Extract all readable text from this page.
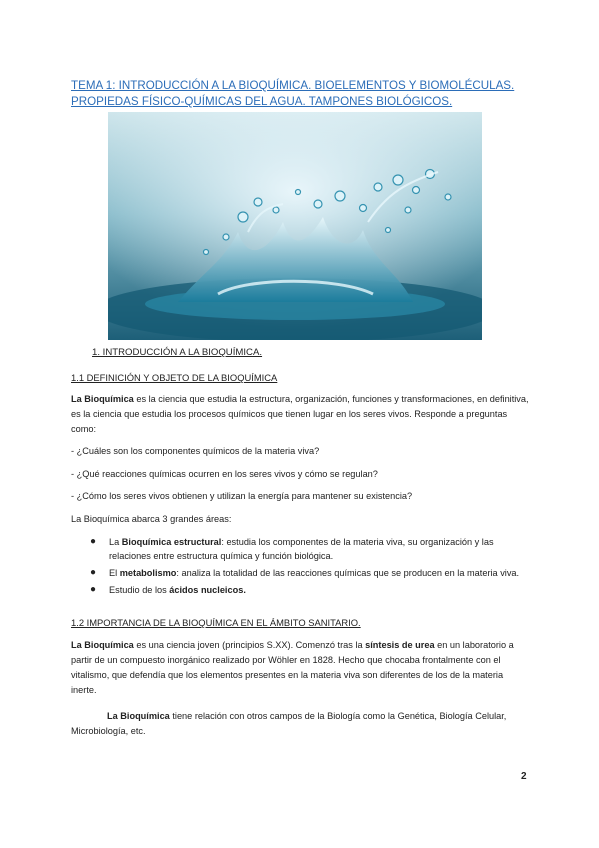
TEMA 1: INTRODUCCIÓN A LA BIOQUÍMICA. BIOELEMENTOS Y BIOMOLÉCULAS. PROPIEDAS FÍSICO-QUÍMICAS DEL AGUA. TAMPONES BIOLÓGICOS.
1. INTRODUCCIÓN A LA BIOQUÍMICA.
1.1 DEFINICIÓN Y OBJETO DE LA BIOQUÍMICA
La Bioquímica es la ciencia que estudia la estructura, organización, funciones y transformaciones, en definitiva, es la ciencia que estudia los procesos químicos que tienen lugar en los seres vivos. Responde a preguntas como:
- ¿Cuáles son los componentes químicos de la materia viva?
- ¿Qué reacciones químicas ocurren en los seres vivos y cómo se regulan?
- ¿Cómo los seres vivos obtienen y utilizan la energía para mantener su existencia?
La Bioquímica abarca 3 grandes áreas:
● La Bioquímica estructural: estudia los componentes de la materia viva, su organización y las relaciones entre estructura química y función biológica.
● El metabolismo: analiza la totalidad de las reacciones químicas que se producen en la materia viva.
● Estudio de los ácidos nucleicos.
1.2 IMPORTANCIA DE LA BIOQUÍMICA EN EL ÁMBITO SANITARIO.
La Bioquímica es una ciencia joven (principios S.XX). Comenzó tras la síntesis de urea en un laboratorio a partir de un compuesto inorgánico realizado por Wöhler en 1828. Hecho que chocaba frontalmente con el vitalismo, que defendía que los elementos presentes en la materia viva son diferentes de los de la materia inerte.
La Bioquímica tiene relación con otros campos de la Biología como la Genética, Biología Celular, Microbiología, etc.
2
